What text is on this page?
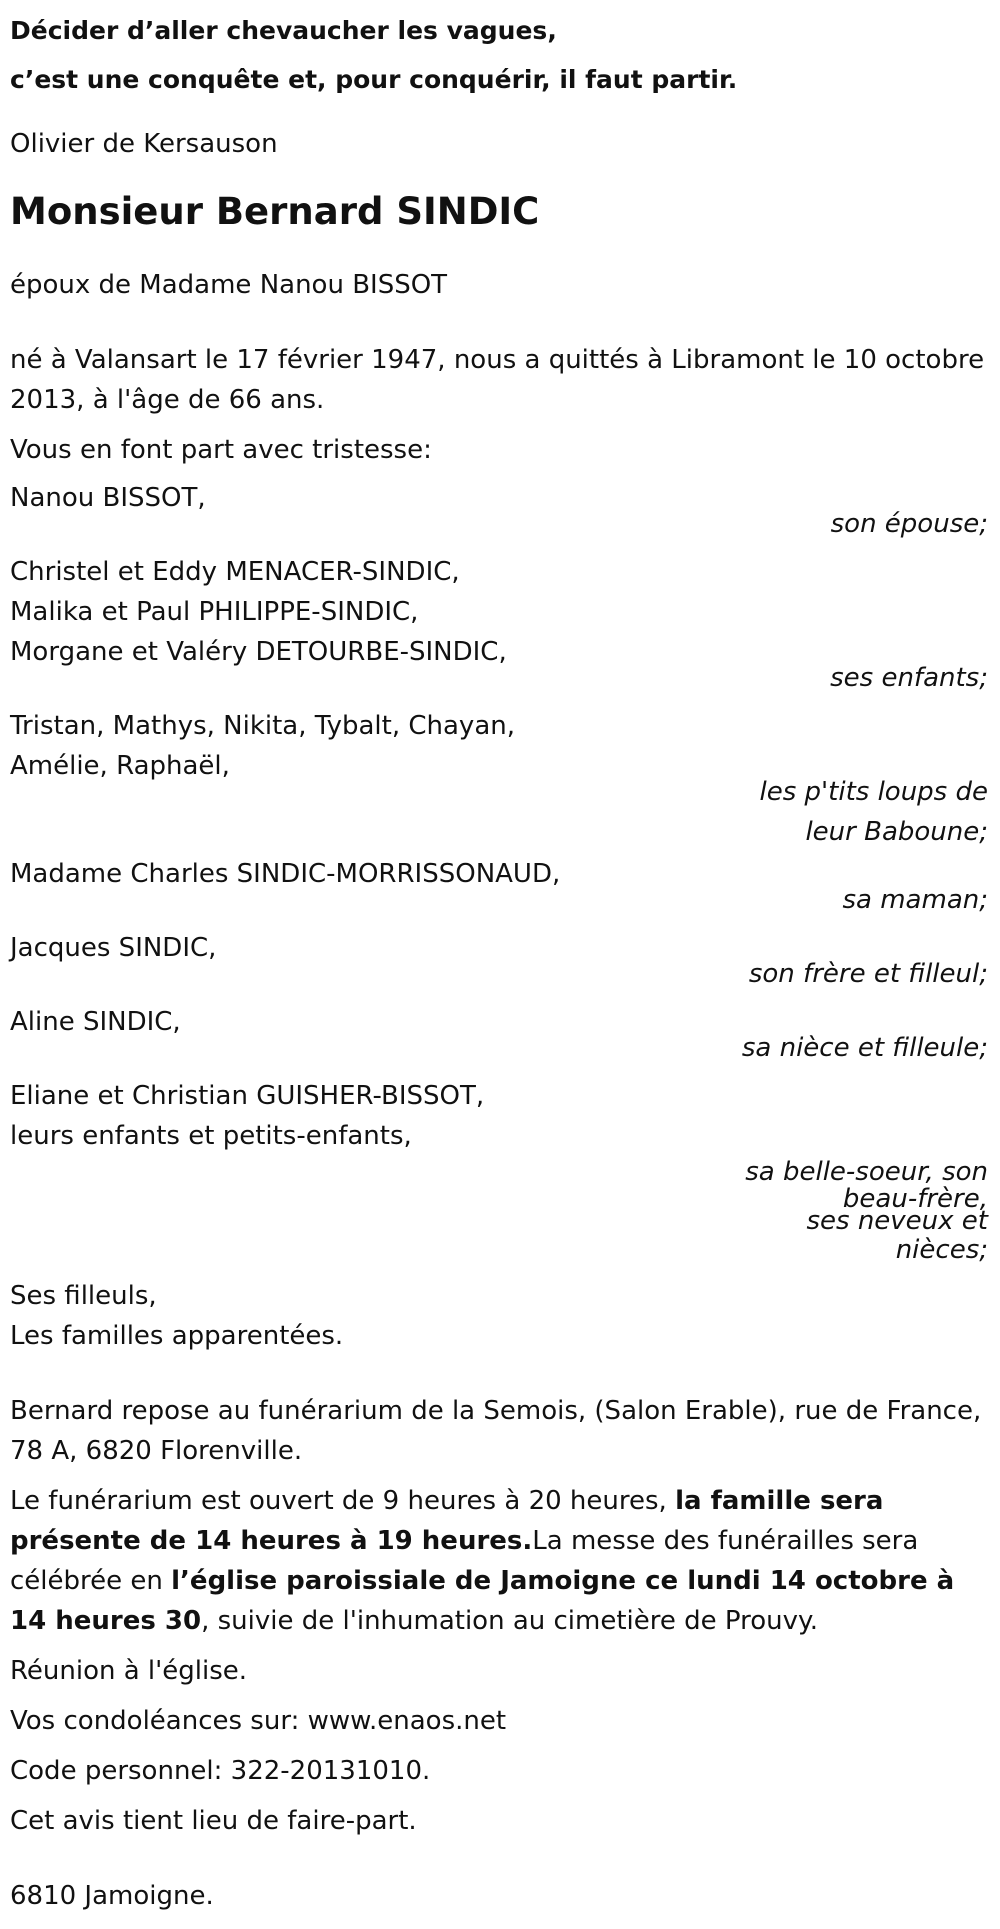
Décider d’aller chevaucher les vagues,
c’est une conquête et, pour conquérir, il faut partir.
Olivier de Kersauson
Monsieur Bernard SINDIC
époux de Madame Nanou BISSOT
né à Valansart le 17 février 1947, nous a quittés à Libramont le 10 octobre 2013, à l'âge de 66 ans.
Vous en font part avec tristesse:
Nanou BISSOT,
son épouse;
Christel et Eddy MENACER-SINDIC,
Malika et Paul PHILIPPE-SINDIC,
Morgane et Valéry DETOURBE-SINDIC,
ses enfants;
Tristan, Mathys, Nikita, Tybalt, Chayan,
Amélie, Raphaël,
les p'tits loups de
leur Baboune;
Madame Charles SINDIC-MORRISSONAUD,
sa maman;
Jacques SINDIC,
son frère et filleul;
Aline SINDIC,
sa nièce et filleule;
Eliane et Christian GUISHER-BISSOT,
leurs enfants et petits-enfants,
sa belle-soeur, son
beau-frère,
ses neveux et
nièces;
Ses filleuls,
Les familles apparentées.
Bernard repose au funérarium de la Semois, (Salon Erable), rue de France, 78 A, 6820 Florenville.
Le funérarium est ouvert de 9 heures à 20 heures, la famille sera présente de 14 heures à 19 heures.La messe des funérailles sera célébrée en l’église paroissiale de Jamoigne ce lundi 14 octobre à 14 heures 30, suivie de l'inhumation au cimetière de Prouvy.
Réunion à l'église.
Vos condoléances sur: www.enaos.net
Code personnel: 322-20131010.
Cet avis tient lieu de faire-part.
6810 Jamoigne.
